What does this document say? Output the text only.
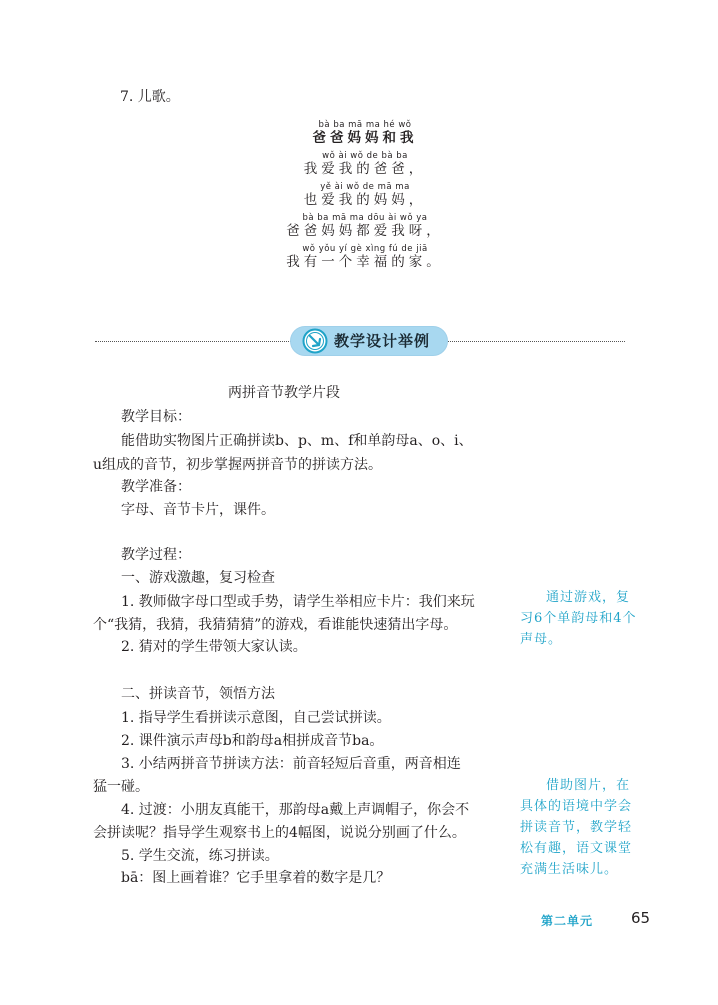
7. 儿歌。
bà ba mā ma hé wǒ
爸爸妈妈和我
wǒ ài wǒ de bà ba
我爱我的爸爸，
yě ài wǒ de mā ma
也爱我的妈妈，
bà ba mā ma dōu ài wǒ ya
爸爸妈妈都爱我呀，
wǒ yǒu yí gè xìng fú de jiā
我有一个幸福的家。
教学设计举例
两拼音节教学片段
教学目标：
能借助实物图片正确拼读b、p、m、f和单韵母a、o、i、
u组成的音节，初步掌握两拼音节的拼读方法。
教学准备：
字母、音节卡片，课件。
教学过程：
一、游戏激趣，复习检查
1. 教师做字母口型或手势，请学生举相应卡片：我们来玩
个“我猜，我猜，我猜猜猜”的游戏，看谁能快速猜出字母。
2. 猜对的学生带领大家认读。
二、拼读音节，领悟方法
1. 指导学生看拼读示意图，自己尝试拼读。
2. 课件演示声母b和韵母a相拼成音节ba。
3. 小结两拼音节拼读方法：前音轻短后音重，两音相连
猛一碰。
4. 过渡：小朋友真能干，那韵母a戴上声调帽子，你会不
会拼读呢？指导学生观察书上的4幅图，说说分别画了什么。
5. 学生交流，练习拼读。
bā：图上画着谁？它手里拿着的数字是几？
通过游戏，复
习6个单韵母和4个
声母。
借助图片，在
具体的语境中学会
拼读音节，教学轻
松有趣，语文课堂
充满生活味儿。
第二单元	65
